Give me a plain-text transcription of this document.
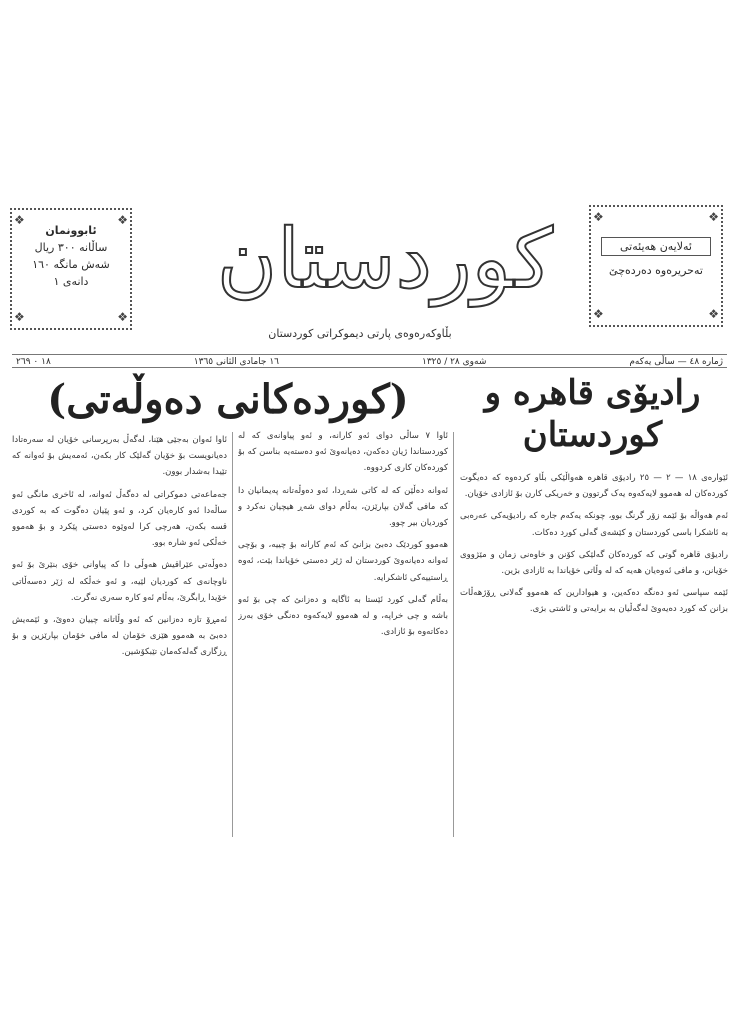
❖	❖
❖	❖
ئابوونمان
ساڵانە ٣٠٠ ریال
شەش مانگە ١٦٠
دانەی ١	کوردستان
بڵاوکەرەوەی پارتی دیموکراتی کوردستان
❖	❖
❖	❖
ئەلایەن هەیئەتی
تەحریرەوە دەردەچێ
ژمارە ٤٨ — ساڵی یەکەم
شەوی ٢٨ / ١٣٢٥
١٦ جامادی الثانی ١٣٦٥
١٨ ٠ ٢٦٩
(کوردەکانی دەوڵەتی)	رادیۆی قاهرە و کوردستان

ئێوارەی ١٨ — ٢ — ٢٥ رادیۆی قاهرە هەواڵێکی بڵاو کردەوە کە دەیگوت کوردەکان لە هەموو لایەکەوە یەک گرتوون و خەریکی کارن بۆ ئازادی خۆیان.

ئەم هەواڵە بۆ ئێمە زۆر گرنگ بوو، چونکە یەکەم جارە کە رادیۆیەکی عەرەبی بە ئاشکرا باسی کوردستان و کێشەی گەلی کورد دەکات.

رادیۆی قاهرە گوتی کە کوردەکان گەلێکی کۆنن و خاوەنی زمان و مێژووی خۆیانن، و مافی ئەوەیان هەیە کە لە وڵاتی خۆیاندا بە ئازادی بژین.

ئێمە سپاسی ئەو دەنگە دەکەین، و هیوادارین کە هەموو گەلانی ڕۆژهەڵات بزانن کە کورد دەیەوێ لەگەڵیان بە برایەتی و ئاشتی بژی.

ئاوا ٧ ساڵی دوای ئەو کارانە، و ئەو پیاوانەی کە لە کوردستاندا ژیان دەکەن، دەیانەوێ ئەو دەستەیە بناسن کە بۆ کوردەکان کاری کردووە.

ئەوانە دەڵێن کە لە کاتی شەڕدا، ئەو دەوڵەتانە پەیمانیان دا کە مافی گەلان بپارێزن، بەڵام دوای شەڕ هیچیان نەکرد و کوردیان بیر چوو.

هەموو کوردێک دەبێ بزانێ کە ئەم کارانە بۆ چییە، و بۆچی ئەوانە دەیانەوێ کوردستان لە ژێر دەستی خۆیاندا بێت، ئەوە ڕاستییەکی ئاشکرایە.

بەڵام گەلی کورد ئێستا بە ئاگایە و دەزانێ کە چی بۆ ئەو باشە و چی خراپە، و لە هەموو لایەکەوە دەنگی خۆی بەرز دەکاتەوە بۆ ئازادی.

ئاوا ئەوان بەجێی هێنا، لەگەڵ بەرپرسانی خۆیان لە سەرەتادا دەیانویست بۆ خۆیان گەلێک کار بکەن، ئەمەیش بۆ ئەوانە کە تێیدا بەشدار بوون.

جەماعەتی دموکراتی لە دەگەڵ ئەوانە، لە ئاخری مانگی ئەو ساڵەدا ئەو کارەیان کرد، و ئەو پێیان دەگوت کە بە کوردی قسە بکەن، هەرچی کرا لەوێوە دەستی پێکرد و بۆ هەموو خەڵکی ئەو شارە بوو.

دەوڵەتی عێراقیش هەوڵی دا کە پیاوانی خۆی بنێرێ بۆ ئەو ناوچانەی کە کوردیان لێیە، و ئەو خەڵکە لە ژێر دەسەڵاتی خۆیدا ڕابگرێ، بەڵام ئەو کارە سەری نەگرت.

ئەمڕۆ تازە دەزانین کە ئەو وڵاتانە چییان دەوێ، و ئێمەیش دەبێ بە هەموو هێزی خۆمان لە مافی خۆمان بپارێزین و بۆ ڕزگاری گەلەکەمان تێبکۆشین.
